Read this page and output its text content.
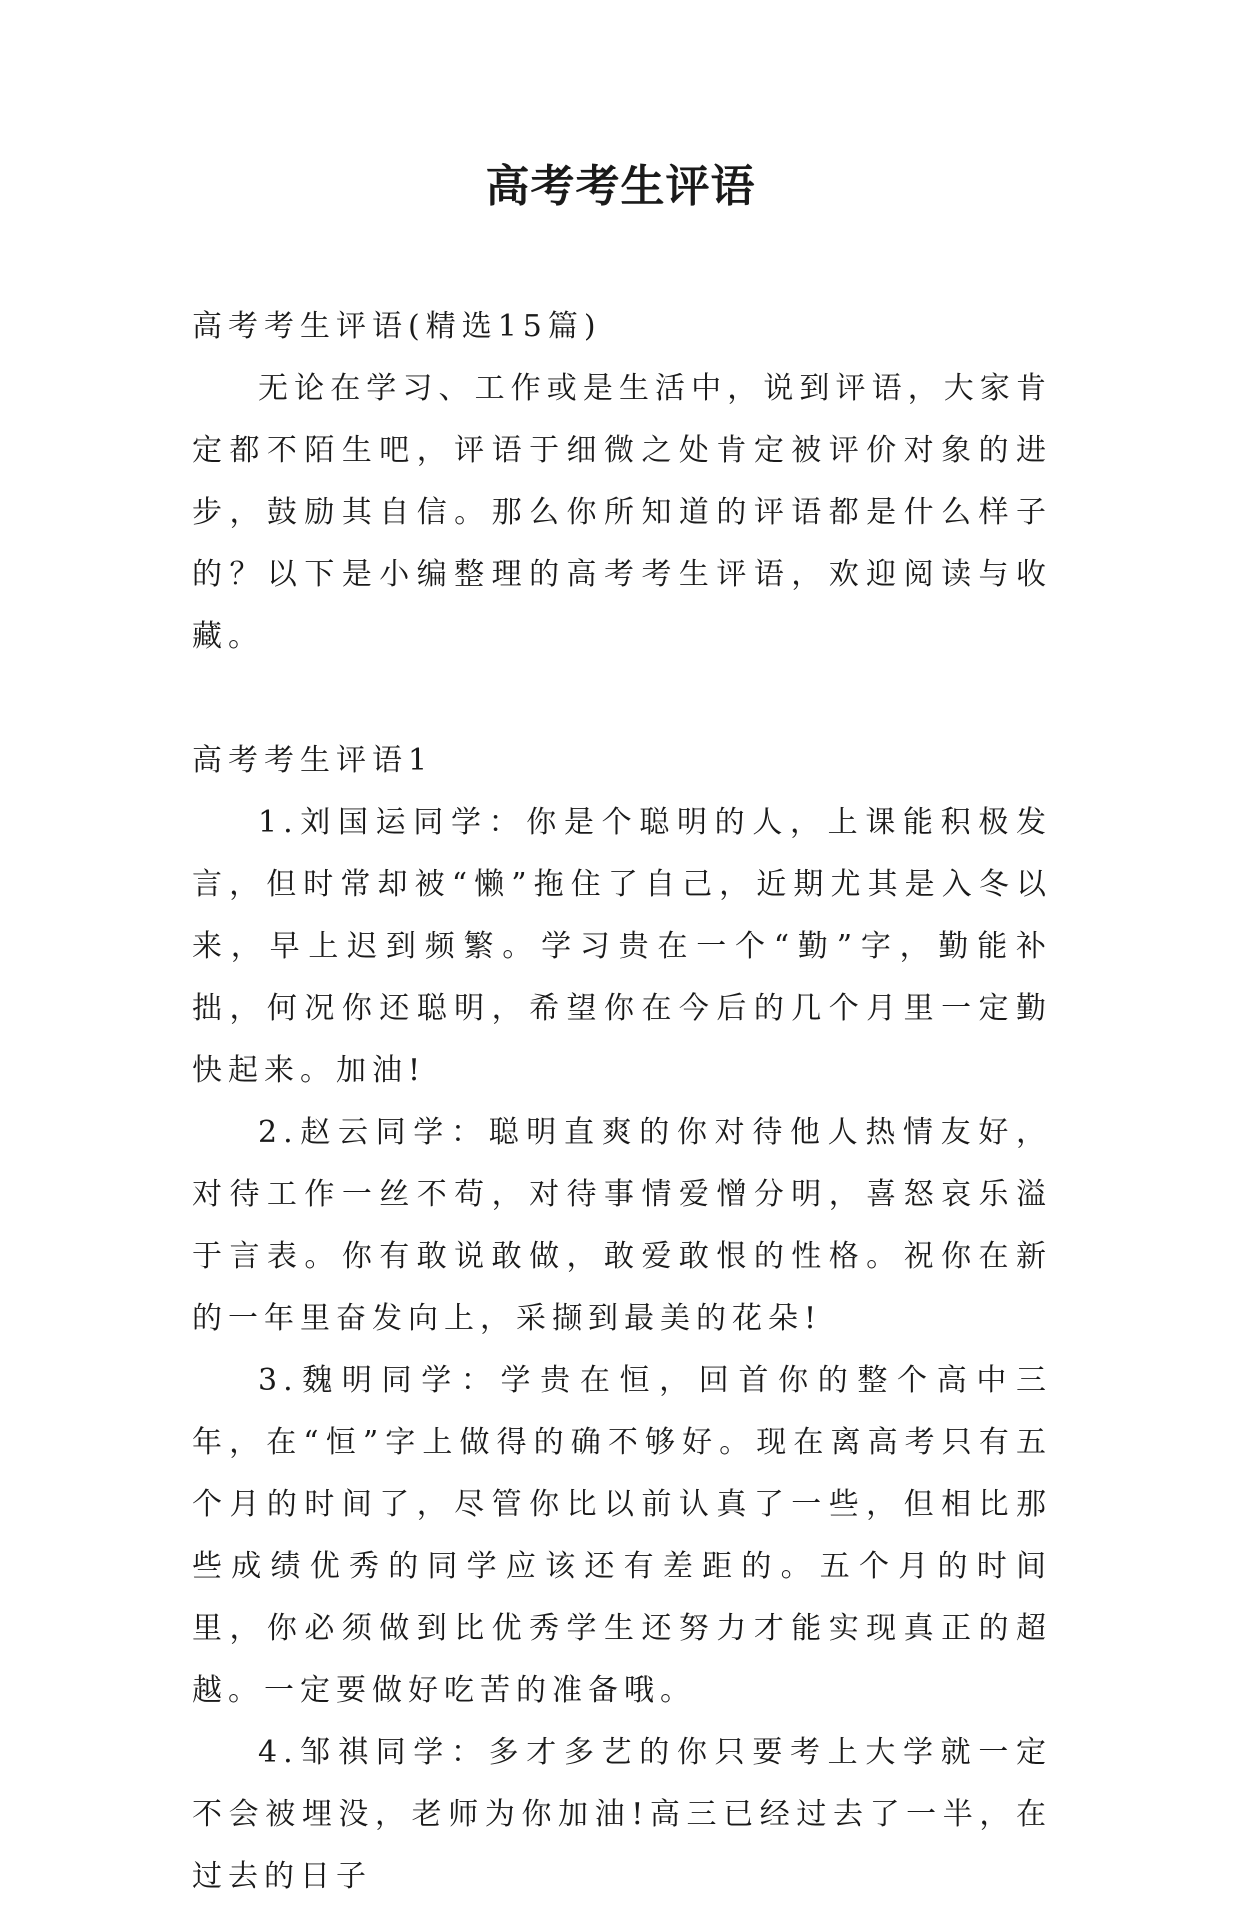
高考考生评语

高考考生评语(精选15篇)

无论在学习、工作或是生活中，说到评语，大家肯定都不陌生吧，评语于细微之处肯定被评价对象的进步，鼓励其自信。那么你所知道的评语都是什么样子的？以下是小编整理的高考考生评语，欢迎阅读与收藏。

高考考生评语1

1.刘国运同学：你是个聪明的人，上课能积极发言，但时常却被“懒”拖住了自己，近期尤其是入冬以来，早上迟到频繁。学习贵在一个“勤”字，勤能补拙，何况你还聪明，希望你在今后的几个月里一定勤快起来。加油!

2.赵云同学：聪明直爽的你对待他人热情友好，对待工作一丝不苟，对待事情爱憎分明，喜怒哀乐溢于言表。你有敢说敢做，敢爱敢恨的性格。祝你在新的一年里奋发向上，采撷到最美的花朵!

3.魏明同学：学贵在恒，回首你的整个高中三年，在“恒”字上做得的确不够好。现在离高考只有五个月的时间了，尽管你比以前认真了一些，但相比那些成绩优秀的同学应该还有差距的。五个月的时间里，你必须做到比优秀学生还努力才能实现真正的超越。一定要做好吃苦的准备哦。

4.邹祺同学：多才多艺的你只要考上大学就一定不会被埋没，老师为你加油!高三已经过去了一半，在过去的日子
